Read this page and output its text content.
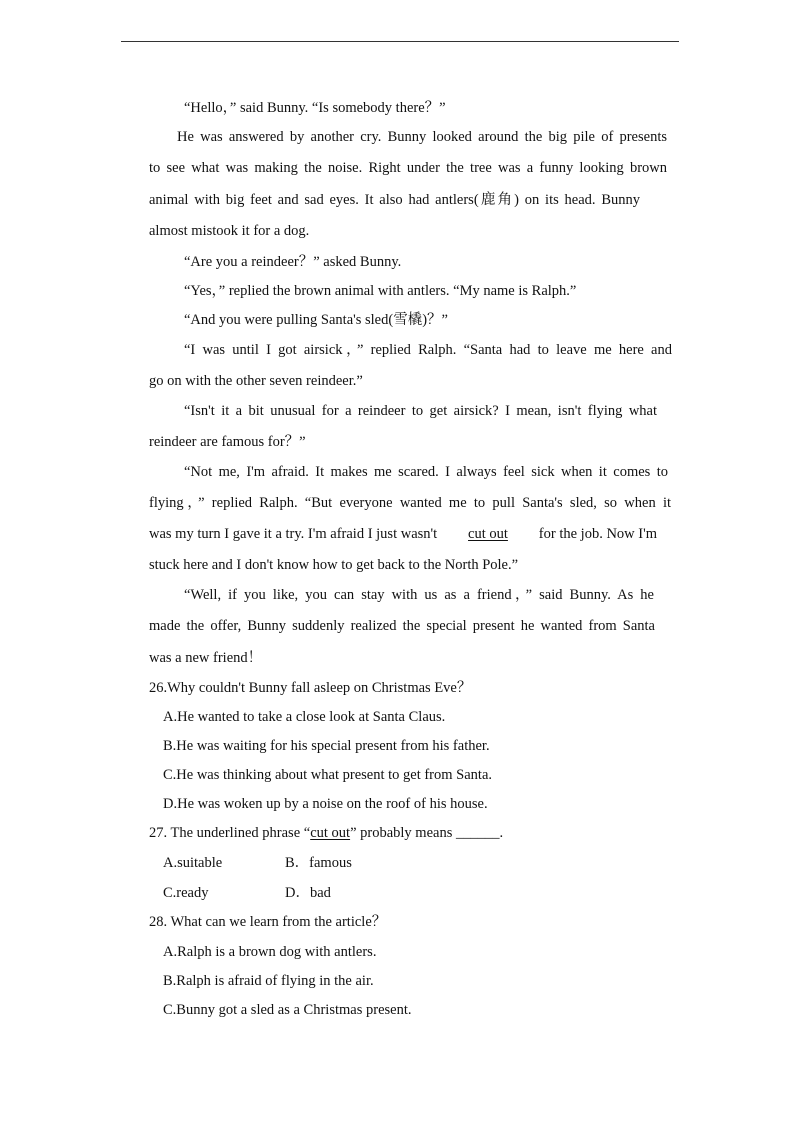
“Hello，” said Bunny. “Is somebody there？”
He was answered by another cry. Bunny looked around the big pile of presents
to see what was making the noise. Right under the tree was a funny looking brown
animal with big feet and sad eyes. It also had antlers(鹿角) on its head. Bunny
almost mistook it for a dog.
“Are you a reindeer？” asked Bunny.
“Yes，” replied the brown animal with antlers. “My name is Ralph.”
“And you were pulling Santa's sled(雪橇)？”
“I was until I got airsick，” replied Ralph. “Santa had to leave me here and
go on with the other seven reindeer.”
“Isn't it a bit unusual for a reindeer to get airsick? I mean, isn't flying what
reindeer are famous for？”
“Not me, I'm afraid. It makes me scared. I always feel sick when it comes to
flying，” replied Ralph. “But everyone wanted me to pull Santa's sled, so when it
was my turn I gave it a try. I'm afraid I just wasn't cut out for the job. Now I'm
stuck here and I don't know how to get back to the North Pole.”
“Well, if you like, you can stay with us as a friend，” said Bunny. As he
made the offer, Bunny suddenly realized the special present he wanted from Santa
was a new friend！
26.Why couldn't Bunny fall asleep on Christmas Eve？
A.He wanted to take a close look at Santa Claus.
B.He was waiting for his special present from his father.
C.He was thinking about what present to get from Santa.
D.He was woken up by a noise on the roof of his house.
27. The underlined phrase “cut out” probably means ______.
A.suitable	B．famous
C.ready	D．bad
28. What can we learn from the article？
A.Ralph is a brown dog with antlers.
B.Ralph is afraid of flying in the air.
C.Bunny got a sled as a Christmas present.
